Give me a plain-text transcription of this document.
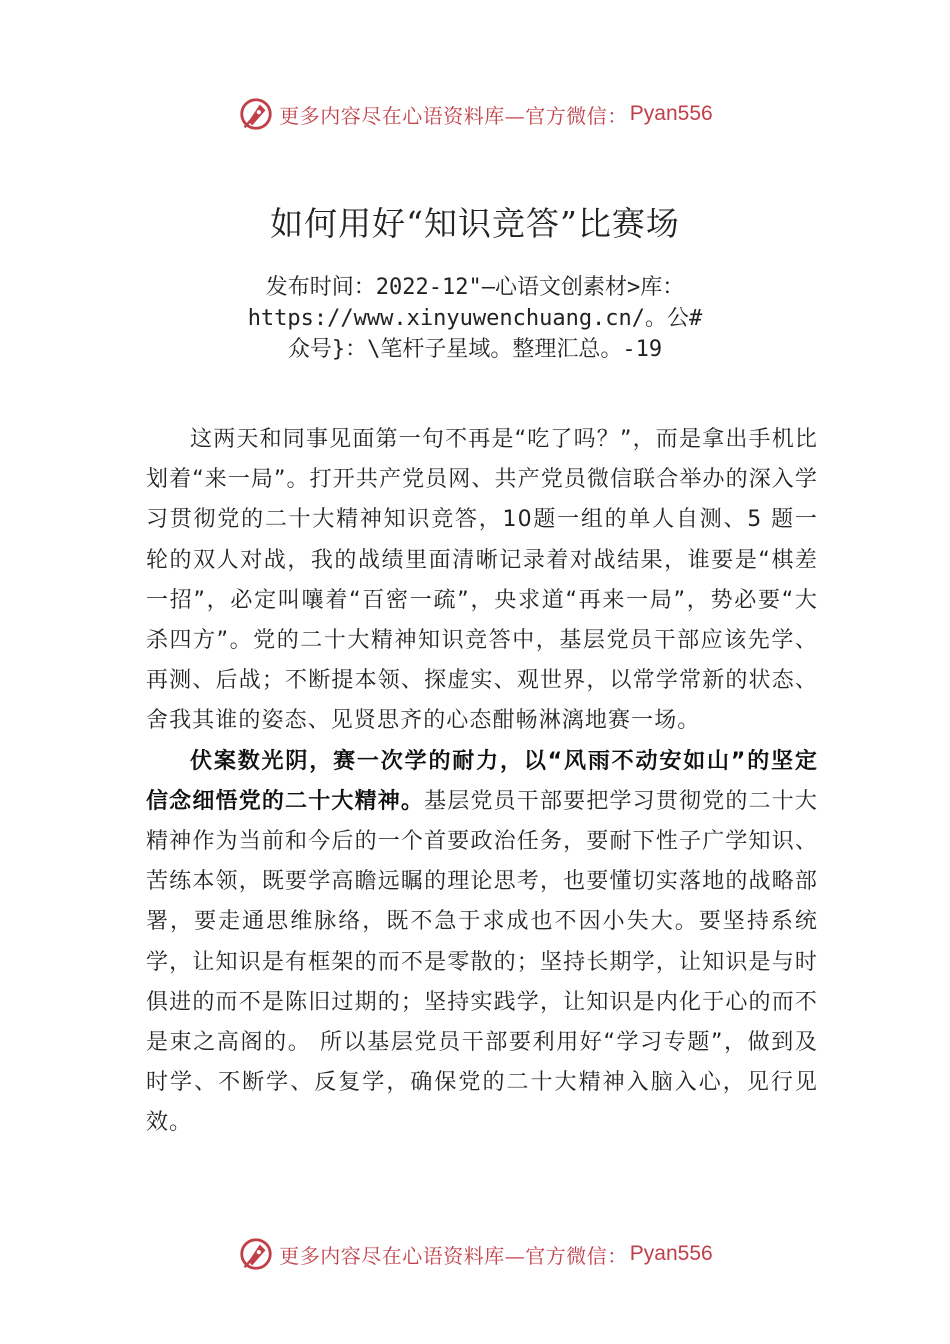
更多内容尽在心语资料库—官方微信： Pyan556
如何用好“知识竞答”比赛场
发布时间：2022-12"—心语文创素材>库：
https://www.xinyuwenchuang.cn/。公#
众号}：\笔杆子星域。整理汇总。-19

这两天和同事见面第一句不再是“吃了吗？”，而是拿出手机比划着“来一局”。打开共产党员网、共产党员微信联合举办的深入学习贯彻党的二十大精神知识竞答，10题一组的单人自测、5 题一轮的双人对战，我的战绩里面清晰记录着对战结果，谁要是“棋差一招”，必定叫嚷着“百密一疏”，央求道“再来一局”，势必要“大杀四方”。党的二十大精神知识竞答中，基层党员干部应该先学、再测、后战；不断提本领、探虚实、观世界，以常学常新的状态、舍我其谁的姿态、见贤思齐的心态酣畅淋漓地赛一场。

伏案数光阴，赛一次学的耐力，以“风雨不动安如山”的坚定信念细悟党的二十大精神。基层党员干部要把学习贯彻党的二十大精神作为当前和今后的一个首要政治任务，要耐下性子广学知识、苦练本领，既要学高瞻远瞩的理论思考，也要懂切实落地的战略部署，要走通思维脉络，既不急于求成也不因小失大。要坚持系统学，让知识是有框架的而不是零散的；坚持长期学，让知识是与时俱进的而不是陈旧过期的；坚持实践学，让知识是内化于心的而不是束之高阁的。 所以基层党员干部要利用好“学习专题”，做到及时学、不断学、反复学，确保党的二十大精神入脑入心，见行见效。

更多内容尽在心语资料库—官方微信： Pyan556
